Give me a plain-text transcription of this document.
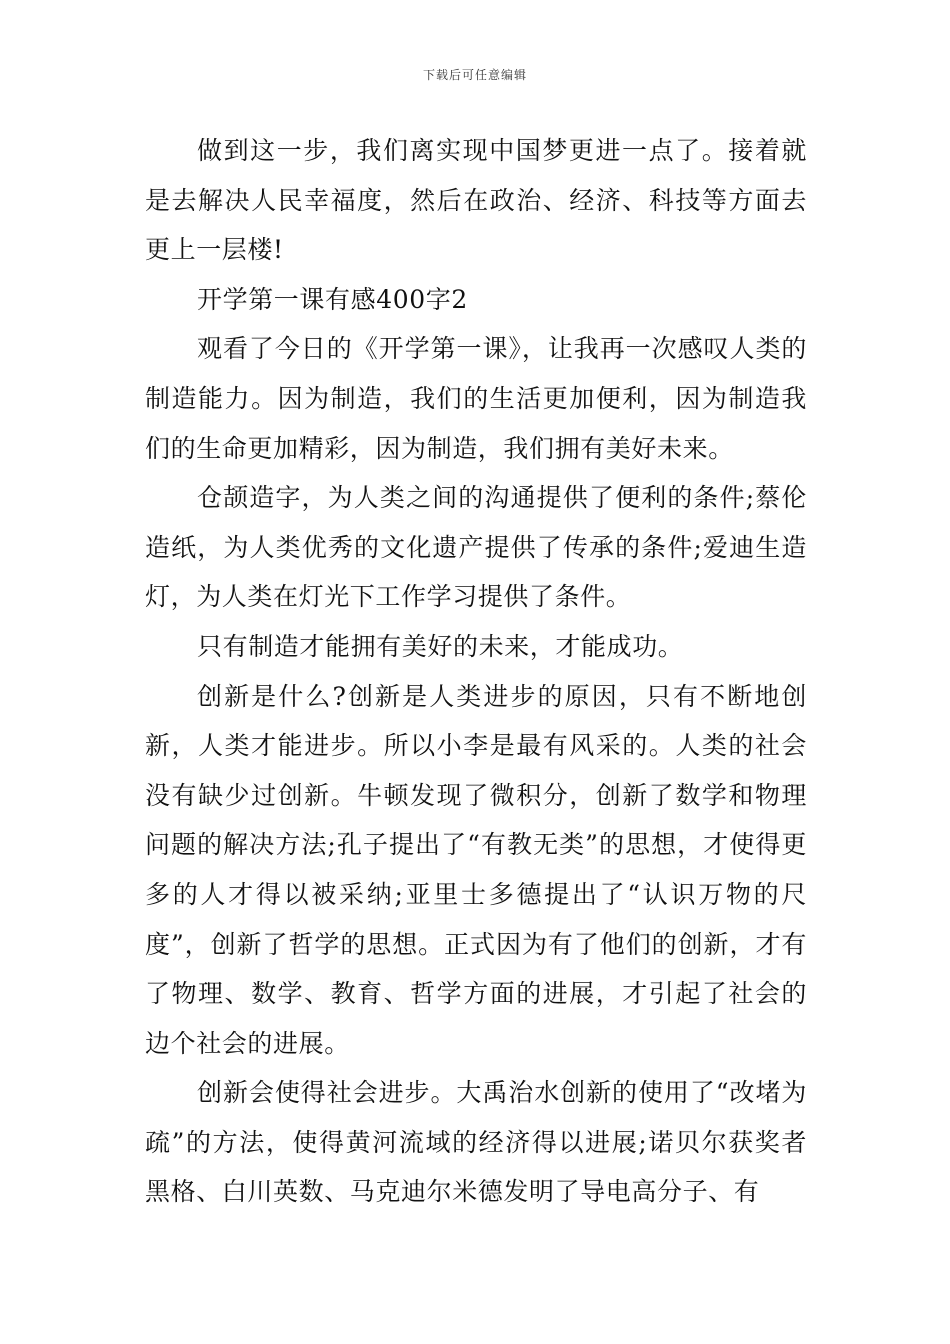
下载后可任意编辑

做到这一步，我们离实现中国梦更进一点了。接着就是去解决人民幸福度，然后在政治、经济、科技等方面去更上一层楼!

开学第一课有感400字2

观看了今日的《开学第一课》，让我再一次感叹人类的制造能力。因为制造，我们的生活更加便利，因为制造我们的生命更加精彩，因为制造，我们拥有美好未来。

仓颉造字，为人类之间的沟通提供了便利的条件;蔡伦造纸，为人类优秀的文化遗产提供了传承的条件;爱迪生造灯，为人类在灯光下工作学习提供了条件。

只有制造才能拥有美好的未来，才能成功。

创新是什么?创新是人类进步的原因，只有不断地创新，人类才能进步。所以小李是最有风采的。人类的社会没有缺少过创新。牛顿发现了微积分，创新了数学和物理问题的解决方法;孔子提出了“有教无类”的思想，才使得更多的人才得以被采纳;亚里士多德提出了“认识万物的尺度”，创新了哲学的思想。正式因为有了他们的创新，才有了物理、数学、教育、哲学方面的进展，才引起了社会的边个社会的进展。

创新会使得社会进步。大禹治水创新的使用了“改堵为疏”的方法，使得黄河流域的经济得以进展;诺贝尔获奖者黑格、白川英数、马克迪尔米德发明了导电高分子、有
